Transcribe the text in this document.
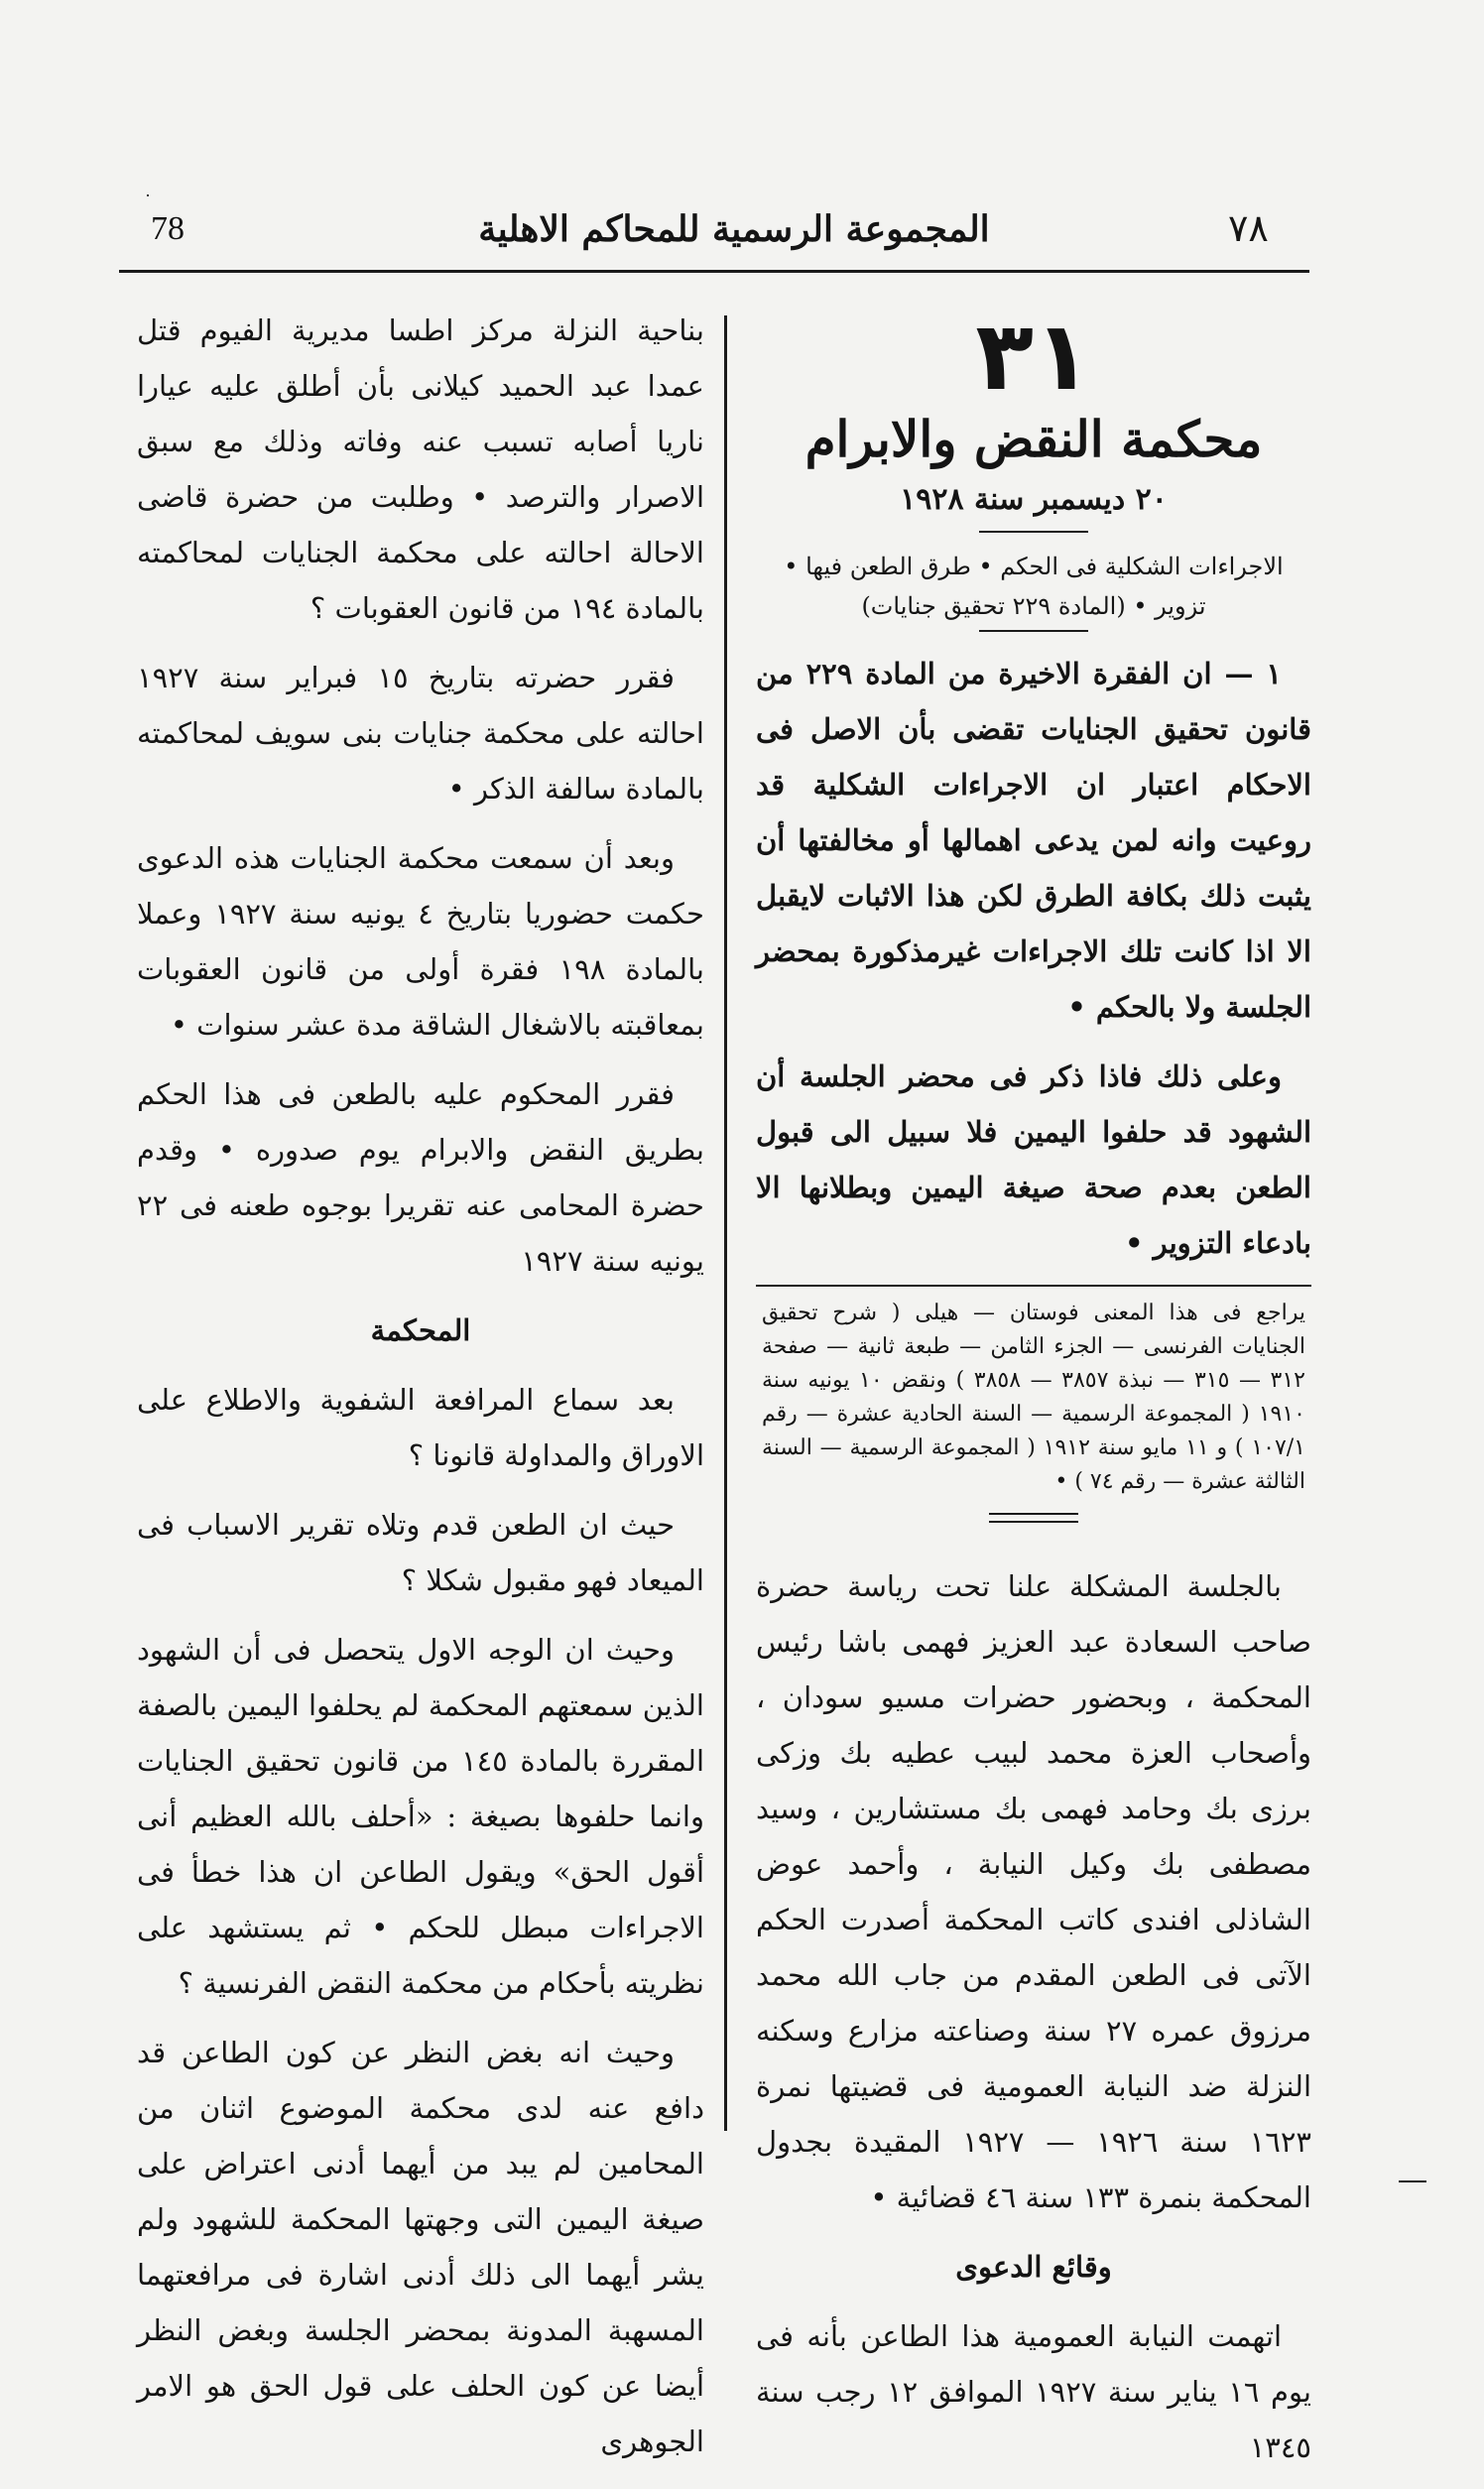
78	المجموعة الرسمية للمحاكم الاهلية	٧٨
٣١
محكمة النقض والابرام
٢٠ ديسمبر سنة ١٩٢٨
الاجراءات الشكلية فى الحكم • طرق الطعن فيها • تزوير • (المادة ٢٢٩ تحقيق جنايات)

١ — ان الفقرة الاخيرة من المادة ٢٢٩ من قانون تحقيق الجنايات تقضى بأن الاصل فى الاحكام اعتبار ان الاجراءات الشكلية قد روعيت وانه لمن يدعى اهمالها أو مخالفتها أن يثبت ذلك بكافة الطرق لكن هذا الاثبات لايقبل الا اذا كانت تلك الاجراءات غيرمذكورة بمحضر الجلسة ولا بالحكم •

وعلى ذلك فاذا ذكر فى محضر الجلسة أن الشهود قد حلفوا اليمين فلا سبيل الى قبول الطعن بعدم صحة صيغة اليمين وبطلانها الا بادعاء التزوير •

يراجع فى هذا المعنى فوستان — هيلى ( شرح تحقيق الجنايات الفرنسى — الجزء الثامن — طبعة ثانية — صفحة ٣١٢ — ٣١٥ — نبذة ٣٨٥٧ — ٣٨٥٨ ) ونقض ١٠ يونيه سنة ١٩١٠ ( المجموعة الرسمية — السنة الحادية عشرة — رقم ١٠٧/١ ) و ١١ مايو سنة ١٩١٢ ( المجموعة الرسمية — السنة الثالثة عشرة — رقم ٧٤ ) •

بالجلسة المشكلة علنا تحت رياسة حضرة صاحب السعادة عبد العزيز فهمى باشا رئيس المحكمة ، وبحضور حضرات مسيو سودان ، وأصحاب العزة محمد لبيب عطيه بك وزكى برزى بك وحامد فهمى بك مستشارين ، وسيد مصطفى بك وكيل النيابة ، وأحمد عوض الشاذلى افندى كاتب المحكمة أصدرت الحكم الآتى فى الطعن المقدم من جاب الله محمد مرزوق عمره ٢٧ سنة وصناعته مزارع وسكنه النزلة ضد النيابة العمومية فى قضيتها نمرة ١٦٢٣ سنة ١٩٢٦ — ١٩٢٧ المقيدة بجدول المحكمة بنمرة ١٣٣ سنة ٤٦ قضائية •

وقائع الدعوى

اتهمت النيابة العمومية هذا الطاعن بأنه فى يوم ١٦ يناير سنة ١٩٢٧ الموافق ١٢ رجب سنة ١٣٤٥

بناحية النزلة مركز اطسا مديرية الفيوم قتل عمدا عبد الحميد كيلانى بأن أطلق عليه عيارا ناريا أصابه تسبب عنه وفاته وذلك مع سبق الاصرار والترصد • وطلبت من حضرة قاضى الاحالة احالته على محكمة الجنايات لمحاكمته بالمادة ١٩٤ من قانون العقوبات ؟

فقرر حضرته بتاريخ ١٥ فبراير سنة ١٩٢٧ احالته على محكمة جنايات بنى سويف لمحاكمته بالمادة سالفة الذكر •

وبعد أن سمعت محكمة الجنايات هذه الدعوى حكمت حضوريا بتاريخ ٤ يونيه سنة ١٩٢٧ وعملا بالمادة ١٩٨ فقرة أولى من قانون العقوبات بمعاقبته بالاشغال الشاقة مدة عشر سنوات •

فقرر المحكوم عليه بالطعن فى هذا الحكم بطريق النقض والابرام يوم صدوره • وقدم حضرة المحامى عنه تقريرا بوجوه طعنه فى ٢٢ يونيه سنة ١٩٢٧

المحكمة

بعد سماع المرافعة الشفوية والاطلاع على الاوراق والمداولة قانونا ؟

حيث ان الطعن قدم وتلاه تقرير الاسباب فى الميعاد فهو مقبول شكلا ؟

وحيث ان الوجه الاول يتحصل فى أن الشهود الذين سمعتهم المحكمة لم يحلفوا اليمين بالصفة المقررة بالمادة ١٤٥ من قانون تحقيق الجنايات وانما حلفوها بصيغة : «أحلف بالله العظيم أنى أقول الحق» ويقول الطاعن ان هذا خطأ فى الاجراءات مبطل للحكم • ثم يستشهد على نظريته بأحكام من محكمة النقض الفرنسية ؟

وحيث انه بغض النظر عن كون الطاعن قد دافع عنه لدى محكمة الموضوع اثنان من المحامين لم يبد من أيهما أدنى اعتراض على صيغة اليمين التى وجهتها المحكمة للشهود ولم يشر أيهما الى ذلك أدنى اشارة فى مرافعتهما المسهبة المدونة بمحضر الجلسة وبغض النظر أيضا عن كون الحلف على قول الحق هو الامر الجوهرى
